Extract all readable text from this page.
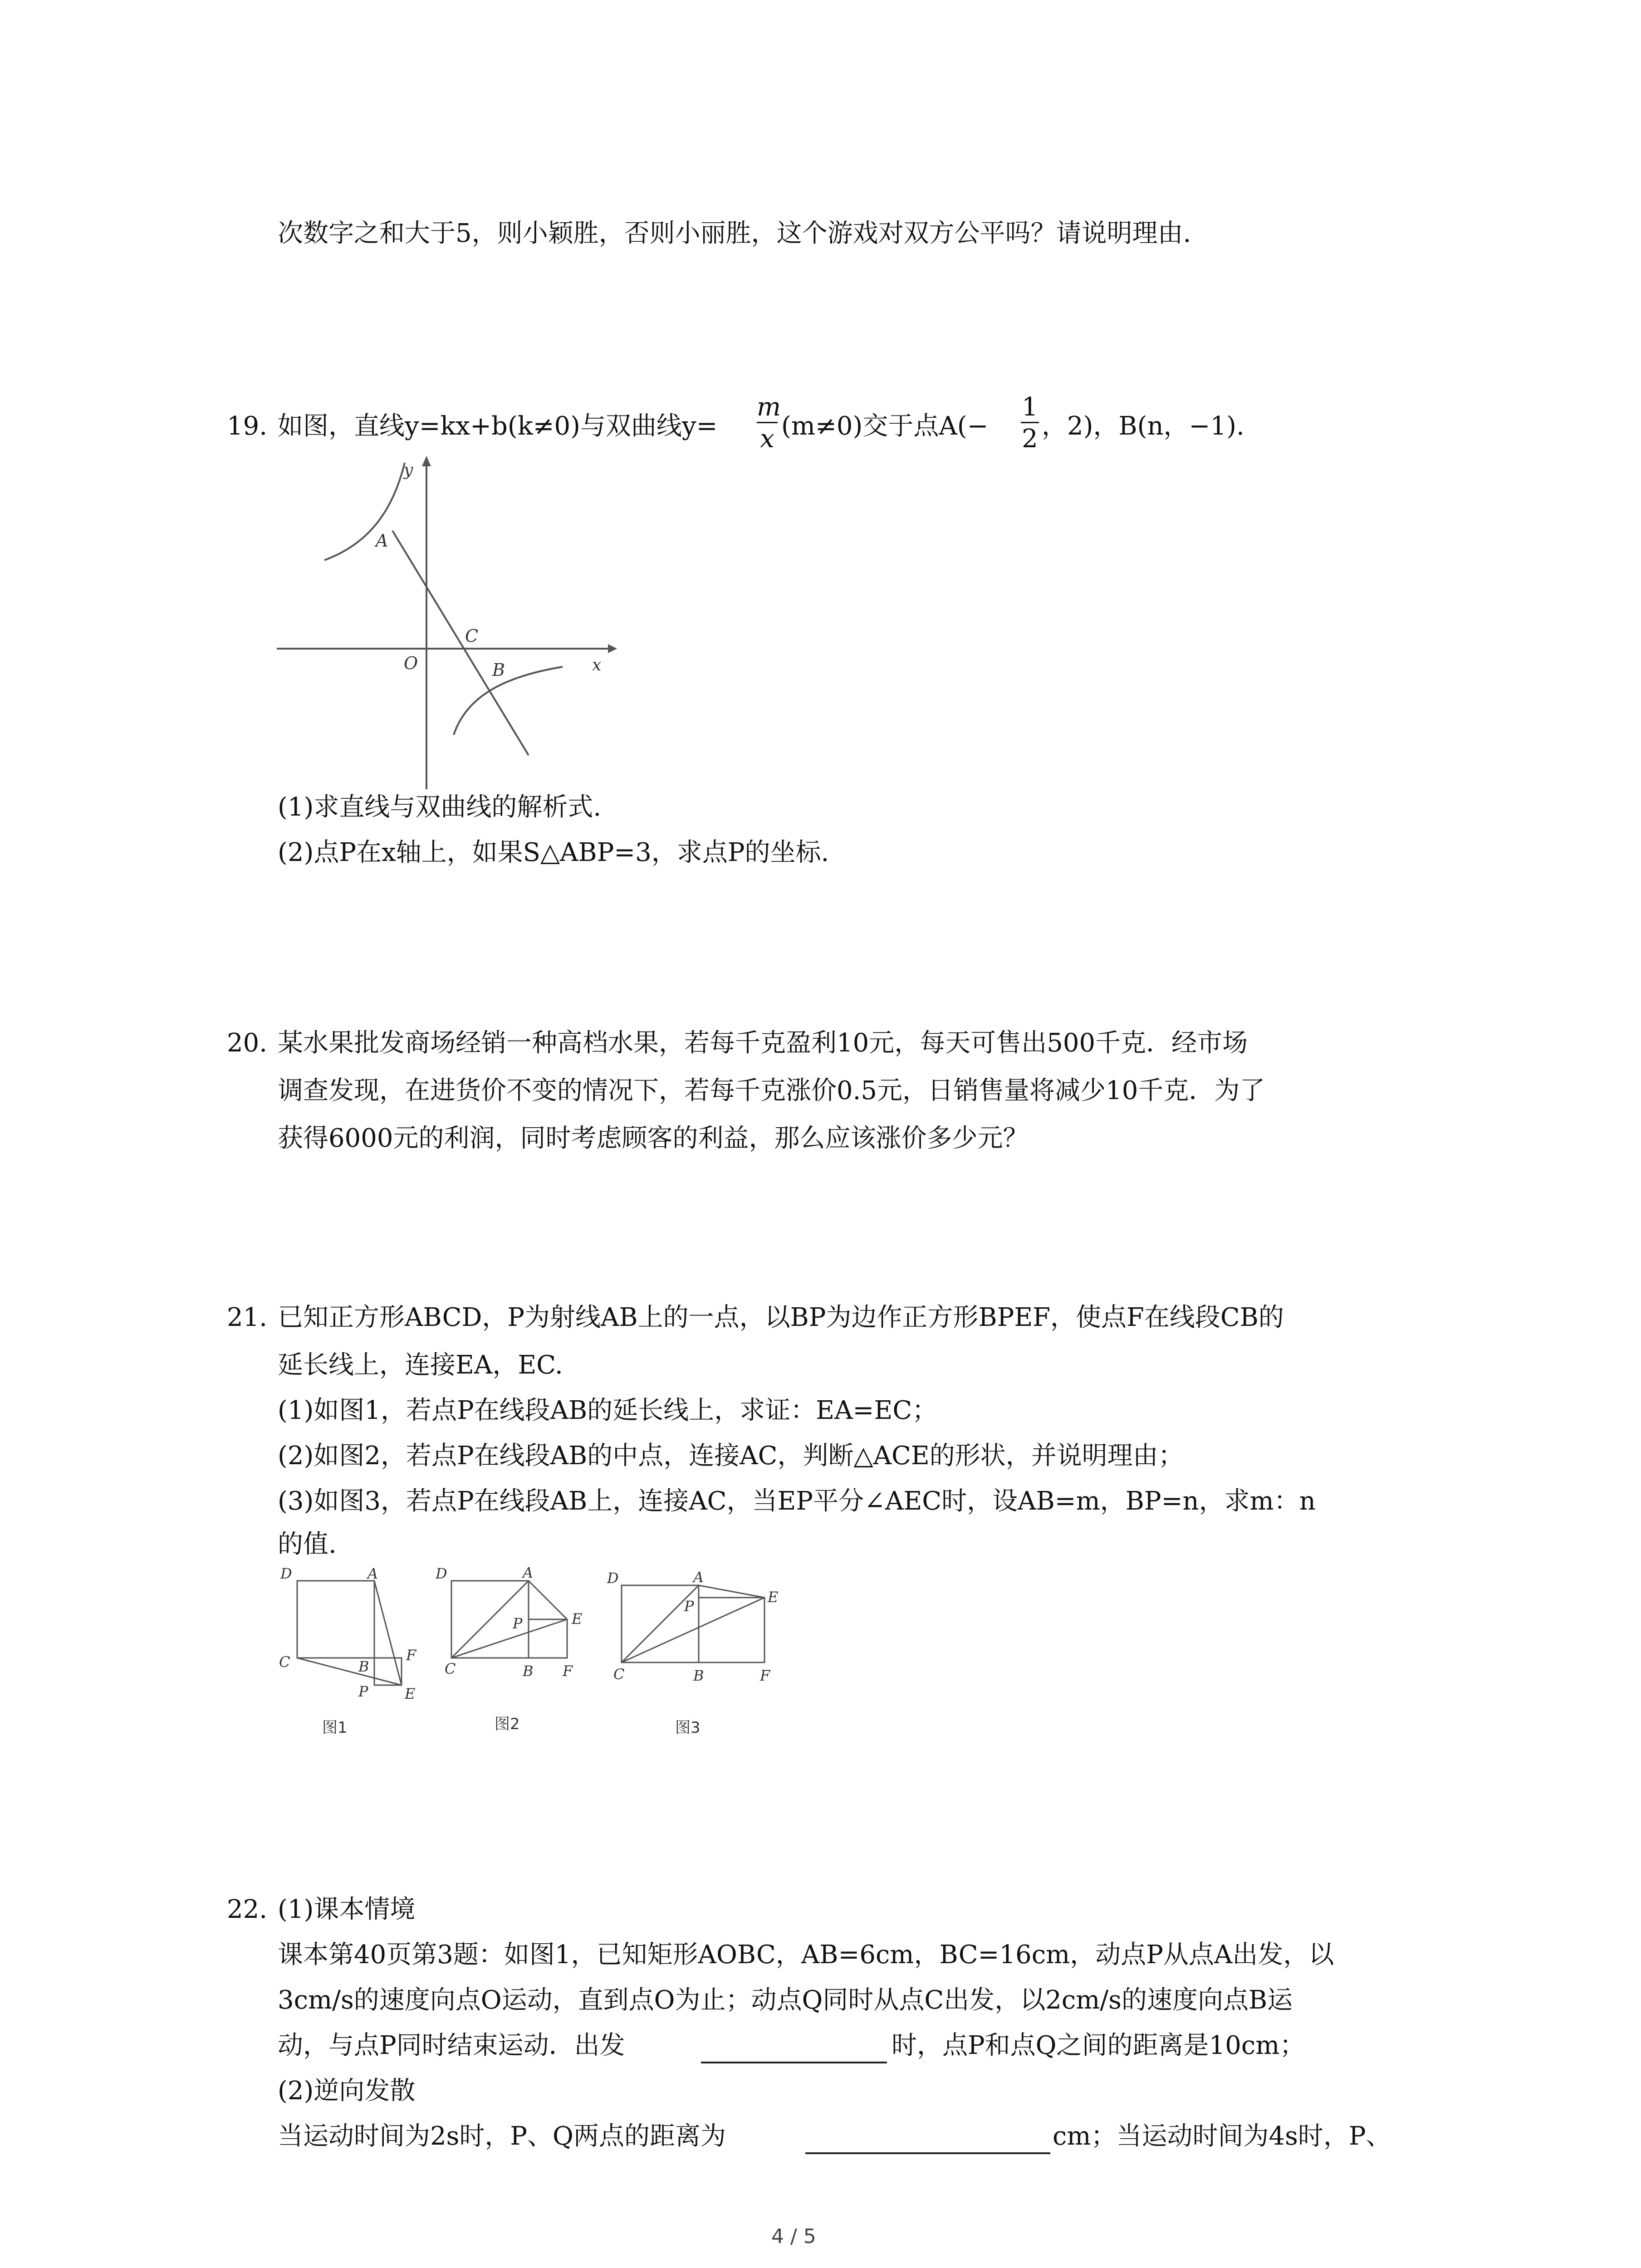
次数字之和大于5，则小颖胜，否则小丽胜，这个游戏对双方公平吗？请说明理由.
19. 如图，直线y=kx+b(k≠0)与双曲线y=
m
x (m≠0)交于点A(−
1
2 ，2)，B(n，−1).
y
x
O
A
C
B
(1)求直线与双曲线的解析式.
(2)点P在x轴上，如果S△ABP=3，求点P的坐标.
20. 某水果批发商场经销一种高档水果，若每千克盈利10元，每天可售出500千克．经市场
调查发现，在进货价不变的情况下，若每千克涨价0.5元，日销售量将减少10千克．为了
获得6000元的利润，同时考虑顾客的利益，那么应该涨价多少元？
21. 已知正方形ABCD，P为射线AB上的一点，以BP为边作正方形BPEF，使点F在线段CB的
延长线上，连接EA，EC.
(1)如图1，若点P在线段AB的延长线上，求证：EA=EC；
(2)如图2，若点P在线段AB的中点，连接AC，判断△ACE的形状，并说明理由；
(3)如图3，若点P在线段AB上，连接AC，当EP平分∠AEC时，设AB=m，BP=n，求m：n
的值.
D	A
C	B
F
P	E
图1
D	A
P	E
C	B F
图2
D	A
P
E
C	B	F
图3
22. (1)课本情境
课本第40页第3题：如图1，已知矩形AOBC，AB=6cm，BC=16cm，动点P从点A出发，以
3cm/s的速度向点O运动，直到点O为止；动点Q同时从点C出发，以2cm/s的速度向点B运
动，与点P同时结束运动．出发	时，点P和点Q之间的距离是10cm；
(2)逆向发散
当运动时间为2s时，P、Q两点的距离为	cm；当运动时间为4s时，P、
4 / 5
